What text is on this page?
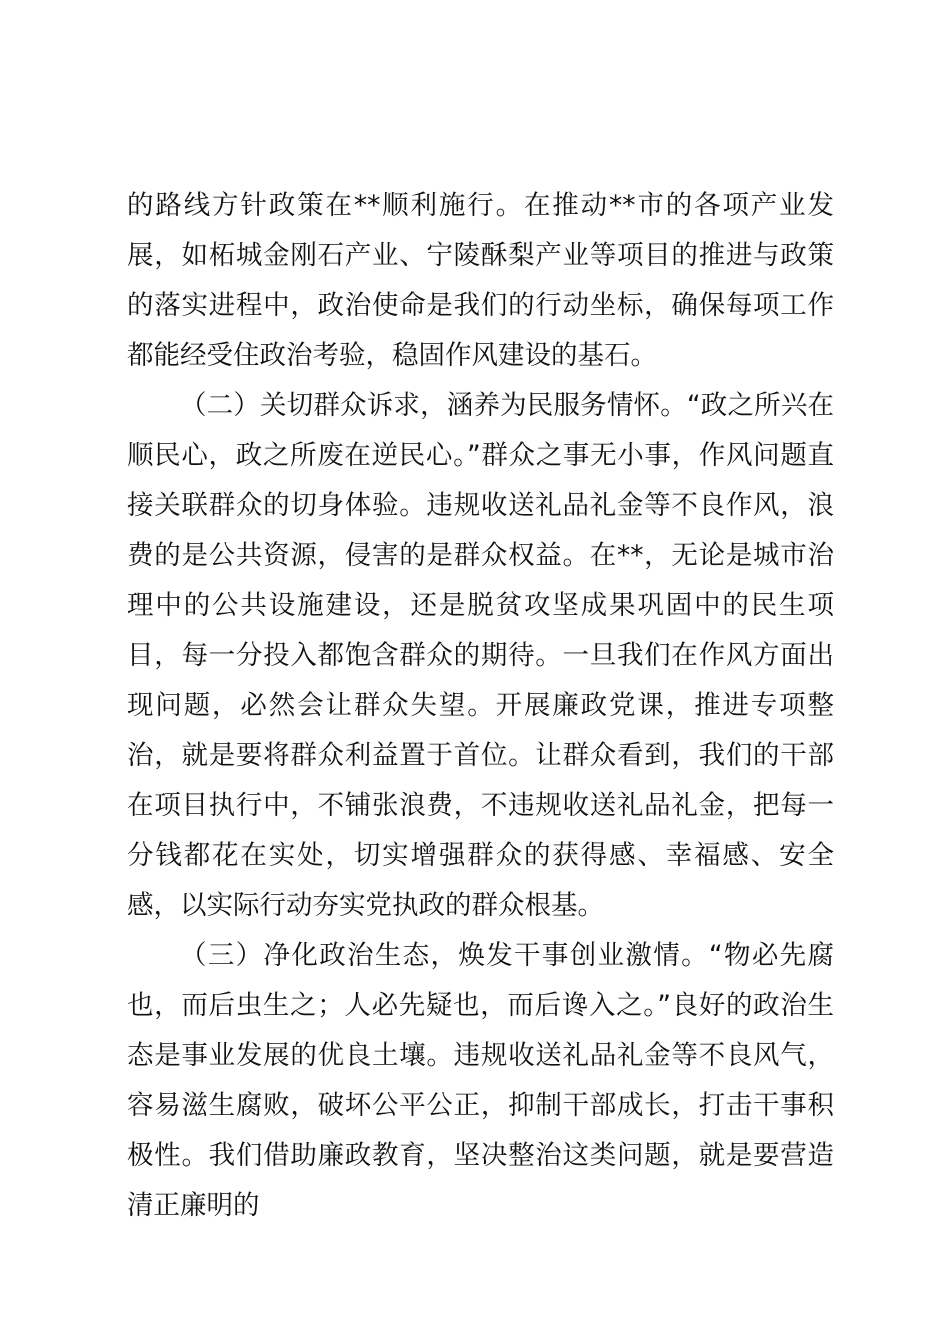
的路线方针政策在**顺利施行。在推动**市的各项产业发展，如柘城金刚石产业、宁陵酥梨产业等项目的推进与政策的落实进程中，政治使命是我们的行动坐标，确保每项工作都能经受住政治考验，稳固作风建设的基石。

（二）关切群众诉求，涵养为民服务情怀。“政之所兴在顺民心，政之所废在逆民心。”群众之事无小事，作风问题直接关联群众的切身体验。违规收送礼品礼金等不良作风，浪费的是公共资源，侵害的是群众权益。在**，无论是城市治理中的公共设施建设，还是脱贫攻坚成果巩固中的民生项目，每一分投入都饱含群众的期待。一旦我们在作风方面出现问题，必然会让群众失望。开展廉政党课，推进专项整治，就是要将群众利益置于首位。让群众看到，我们的干部在项目执行中，不铺张浪费，不违规收送礼品礼金，把每一分钱都花在实处，切实增强群众的获得感、幸福感、安全感，以实际行动夯实党执政的群众根基。

（三）净化政治生态，焕发干事创业激情。“物必先腐也，而后虫生之；人必先疑也，而后谗入之。”良好的政治生态是事业发展的优良土壤。违规收送礼品礼金等不良风气，容易滋生腐败，破坏公平公正，抑制干部成长，打击干事积极性。我们借助廉政教育，坚决整治这类问题，就是要营造清正廉明的
